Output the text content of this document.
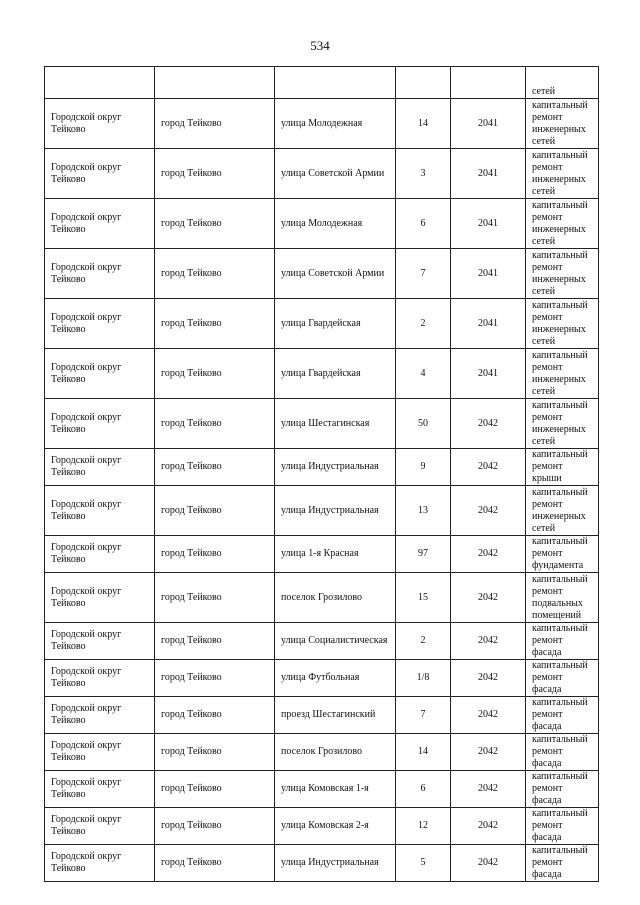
534
					сетей
Городской округ Тейково	город Тейково	улица Молодежная	14	2041	капитальный ремонт инженерных сетей
Городской округ Тейково	город Тейково	улица Советской Армии	3	2041	капитальный ремонт инженерных сетей
Городской округ Тейково	город Тейково	улица Молодежная	6	2041	капитальный ремонт инженерных сетей
Городской округ Тейково	город Тейково	улица Советской Армии	7	2041	капитальный ремонт инженерных сетей
Городской округ Тейково	город Тейково	улица Гвардейская	2	2041	капитальный ремонт инженерных сетей
Городской округ Тейково	город Тейково	улица Гвардейская	4	2041	капитальный ремонт инженерных сетей
Городской округ Тейково	город Тейково	улица Шестагинская	50	2042	капитальный ремонт инженерных сетей
Городской округ Тейково	город Тейково	улица Индустриальная	9	2042	капитальный ремонт крыши
Городской округ Тейково	город Тейково	улица Индустриальная	13	2042	капитальный ремонт инженерных сетей
Городской округ Тейково	город Тейково	улица 1-я Красная	97	2042	капитальный ремонт фундамента
Городской округ Тейково	город Тейково	поселок Грозилово	15	2042	капитальный ремонт подвальных помещений
Городской округ Тейково	город Тейково	улица Социалистическая	2	2042	капитальный ремонт фасада
Городской округ Тейково	город Тейково	улица Футбольная	1/8	2042	капитальный ремонт фасада
Городской округ Тейково	город Тейково	проезд Шестагинский	7	2042	капитальный ремонт фасада
Городской округ Тейково	город Тейково	поселок Грозилово	14	2042	капитальный ремонт фасада
Городской округ Тейково	город Тейково	улица Комовская 1-я	6	2042	капитальный ремонт фасада
Городской округ Тейково	город Тейково	улица Комовская 2-я	12	2042	капитальный ремонт фасада
Городской округ Тейково	город Тейково	улица Индустриальная	5	2042	капитальный ремонт фасада
